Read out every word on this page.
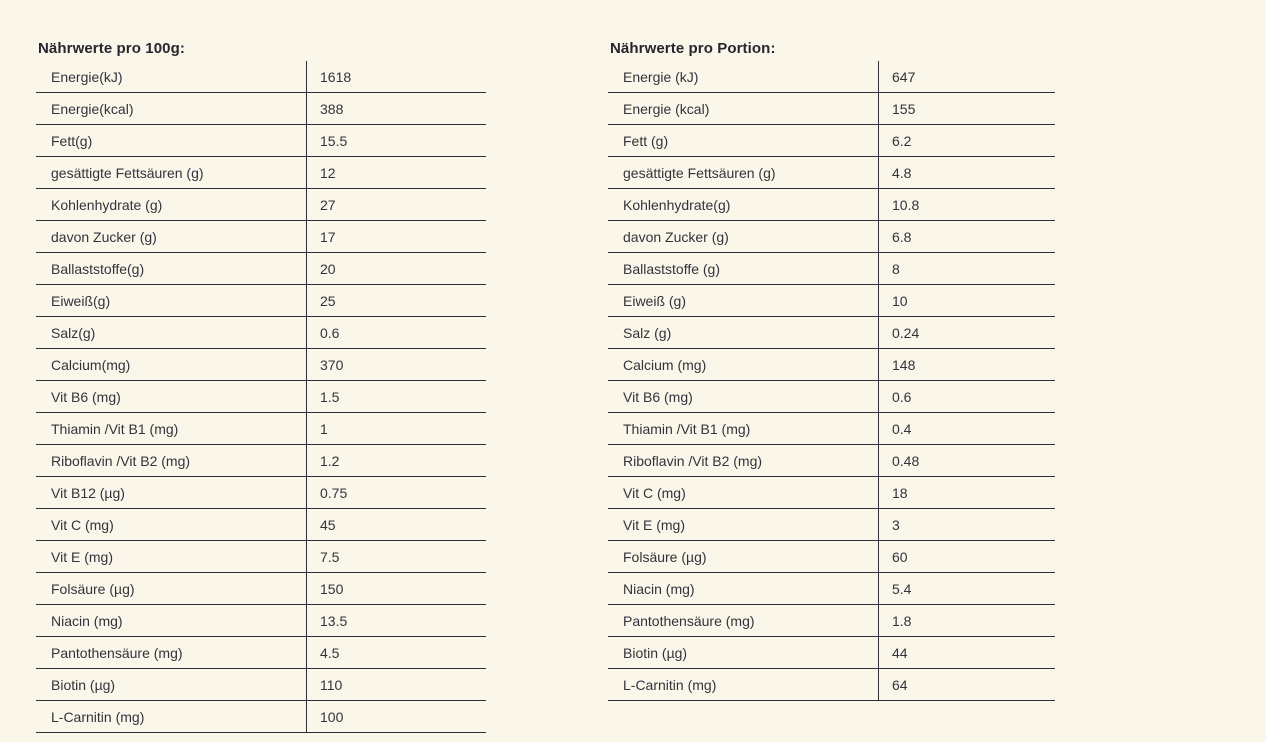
Nährwerte pro 100g:
Energie(kJ)	1618
Energie(kcal)	388
Fett(g)	15.5
gesättigte Fettsäuren (g)	12
Kohlenhydrate (g)	27
davon Zucker (g)	17
Ballaststoffe(g)	20
Eiweiß(g)	25
Salz(g)	0.6
Calcium(mg)	370
Vit B6 (mg)	1.5
Thiamin /Vit B1 (mg)	1
Riboflavin /Vit B2 (mg)	1.2
Vit B12 (µg)	0.75
Vit C (mg)	45
Vit E (mg)	7.5
Folsäure (µg)	150
Niacin (mg)	13.5
Pantothensäure (mg)	4.5
Biotin (µg)	110
L-Carnitin (mg)	100
Nährwerte pro Portion:
Energie (kJ)	647
Energie (kcal)	155
Fett (g)	6.2
gesättigte Fettsäuren (g)	4.8
Kohlenhydrate(g)	10.8
davon Zucker (g)	6.8
Ballaststoffe (g)	8
Eiweiß (g)	10
Salz (g)	0.24
Calcium (mg)	148
Vit B6 (mg)	0.6
Thiamin /Vit B1 (mg)	0.4
Riboflavin /Vit B2 (mg)	0.48
Vit C (mg)	18
Vit E (mg)	3
Folsäure (µg)	60
Niacin (mg)	5.4
Pantothensäure (mg)	1.8
Biotin (µg)	44
L-Carnitin (mg)	64
